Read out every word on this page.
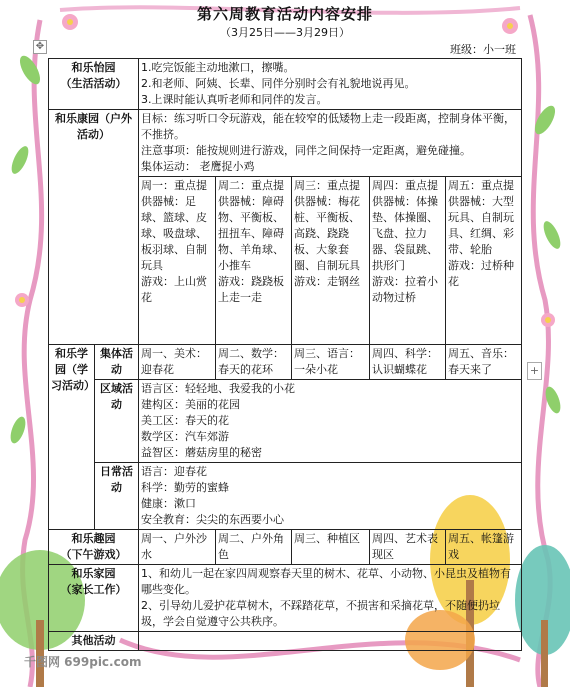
第六周教育活动内容安排
（3月25日——3月29日）
✥	班级：小一班
和乐怡园
（生活活动）		1.吃完饭能主动地漱口，擦嘴。
2.和老师、阿姨、长辈、同伴分别时会有礼貌地说再见。
3.上课时能认真听老师和同伴的发言。				

和乐康园（户外活动）		目标：练习听口令玩游戏，能在较窄的低矮物上走一段距离，控制身体平衡，不推挤。
注意事项：能按规则进行游戏，同伴之间保持一定距离，避免碰撞。
集体运动： 老鹰捉小鸡				

		周一：重点提供器械：足球、篮球、皮球、吸盘球、板羽球、自制玩具
游戏：上山赏花	周二：重点提供器械：障碍物、平衡板、扭扭车、障碍物、羊角球、小推车
游戏：跷跷板上走一走	周三：重点提供器械：梅花桩、平衡板、高跷、跷跷板、大象套圈、自制玩具
游戏：走钢丝	周四：重点提供器械：体操垫、体操圈、飞盘、拉力器、袋鼠跳、拱形门
游戏：拉着小动物过桥	周五：重点提供器械：大型玩具、自制玩具、红绸、彩带、轮胎
游戏：过桥种花
和乐学园（学习活动）	集体活动	周一、美术：迎春花	周二、数学：春天的花环	周三、语言：一朵小花	周四、科学：认识蝴蝶花	周五、音乐：春天来了
	区域活动	语言区：轻轻地、我爱我的小花
建构区：美丽的花园
美工区：春天的花
数学区：汽车郊游
益智区：蘑菇房里的秘密				

	日常活动	语言：迎春花
科学：勤劳的蜜蜂
健康：漱口
安全教育：尖尖的东西要小心				

和乐趣园
（下午游戏）		周一、户外沙水	周二、户外角色	周三、种植区	周四、艺术表现区	周五、帐篷游戏

和乐家园
（家长工作）		1、和幼儿一起在家四周观察春天里的树木、花草、小动物、小昆虫及植物有哪些变化。
2、引导幼儿爱护花草树木，不踩踏花草，不损害和采摘花草，不随便扔垃圾，学会自觉遵守公共秩序。				

其他活动						
+
千图网 699pic.com
